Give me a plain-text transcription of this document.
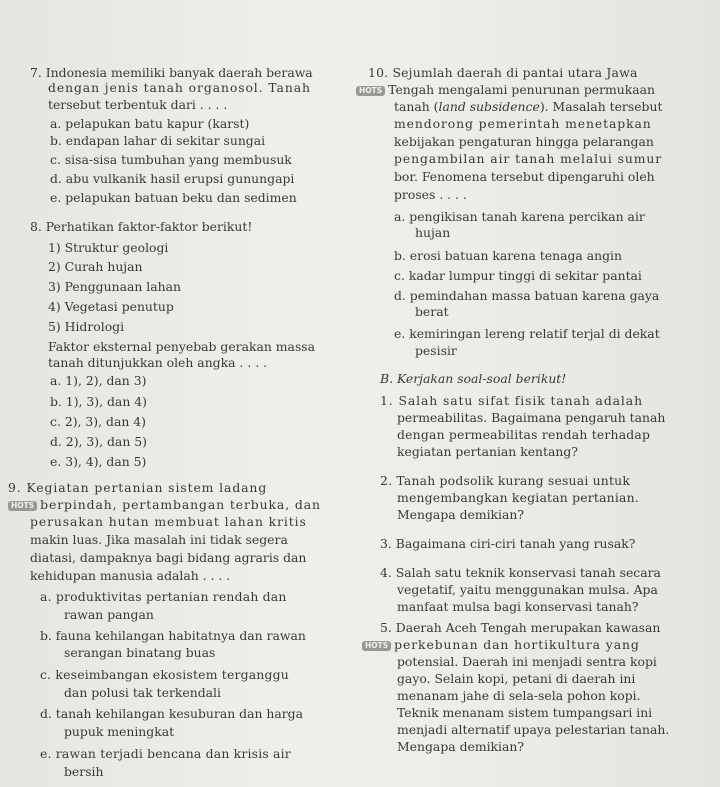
7. Indonesia memiliki banyak daerah berawa
dengan jenis tanah organosol. Tanah
tersebut terbentuk dari . . . .
a. pelapukan batu kapur (karst)
b. endapan lahar di sekitar sungai
c. sisa-sisa tumbuhan yang membusuk
d. abu vulkanik hasil erupsi gunungapi
e. pelapukan batuan beku dan sedimen
8. Perhatikan faktor-faktor berikut!
1) Struktur geologi
2) Curah hujan
3) Penggunaan lahan
4) Vegetasi penutup
5) Hidrologi
Faktor eksternal penyebab gerakan massa
tanah ditunjukkan oleh angka . . . .
a. 1), 2), dan 3)
b. 1), 3), dan 4)
c. 2), 3), dan 4)
d. 2), 3), dan 5)
e. 3), 4), dan 5)
9. Kegiatan pertanian sistem ladang
HOTS berpindah, pertambangan terbuka, dan
perusakan hutan membuat lahan kritis
makin luas. Jika masalah ini tidak segera
diatasi, dampaknya bagi bidang agraris dan
kehidupan manusia adalah . . . .
a. produktivitas pertanian rendah dan
rawan pangan
b. fauna kehilangan habitatnya dan rawan
serangan binatang buas
c. keseimbangan ekosistem terganggu
dan polusi tak terkendali
d. tanah kehilangan kesuburan dan harga
pupuk meningkat
e. rawan terjadi bencana dan krisis air
bersih
10. Sejumlah daerah di pantai utara Jawa
HOTS Tengah mengalami penurunan permukaan
tanah (land subsidence). Masalah tersebut
mendorong pemerintah menetapkan
kebijakan pengaturan hingga pelarangan
pengambilan air tanah melalui sumur
bor. Fenomena tersebut dipengaruhi oleh
proses . . . .
a. pengikisan tanah karena percikan air
hujan
b. erosi batuan karena tenaga angin
c. kadar lumpur tinggi di sekitar pantai
d. pemindahan massa batuan karena gaya
berat
e. kemiringan lereng relatif terjal di dekat
pesisir
B. Kerjakan soal-soal berikut!
1. Salah satu sifat fisik tanah adalah
permeabilitas. Bagaimana pengaruh tanah
dengan permeabilitas rendah terhadap
kegiatan pertanian kentang?
2. Tanah podsolik kurang sesuai untuk
mengembangkan kegiatan pertanian.
Mengapa demikian?
3. Bagaimana ciri-ciri tanah yang rusak?
4. Salah satu teknik konservasi tanah secara
vegetatif, yaitu menggunakan mulsa. Apa
manfaat mulsa bagi konservasi tanah?
5. Daerah Aceh Tengah merupakan kawasan
HOTS perkebunan dan hortikultura yang
potensial. Daerah ini menjadi sentra kopi
gayo. Selain kopi, petani di daerah ini
menanam jahe di sela-sela pohon kopi.
Teknik menanam sistem tumpangsari ini
menjadi alternatif upaya pelestarian tanah.
Mengapa demikian?
